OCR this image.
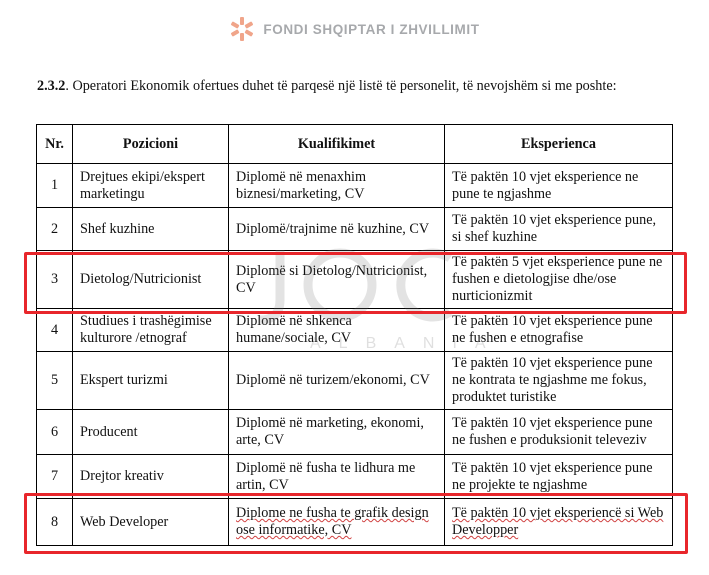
FONDI SHQIPTAR I ZHVILLIMIT
2.3.2. Operatori Ekonomik ofertues duhet të parqesë një listë të personelit, të nevojshëm si me poshte:
Nr.	Pozicioni	Kualifikimet	Eksperienca
1	Drejtues ekipi/ekspert marketingu	Diplomë në menaxhim biznesi/marketing, CV	Të paktën 10 vjet eksperience ne pune te ngjashme
2	Shef kuzhine	Diplomë/trajnime në kuzhine, CV	Të paktën 10 vjet eksperience pune, si shef kuzhine
3	Dietolog/Nutricionist	Diplomë si Dietolog/Nutricionist, CV	Të paktën 5 vjet eksperience pune ne fushen e dietologjise dhe/ose nurticionizmit
4	Studiues i trashëgimise kulturore /etnograf	Diplomë në shkenca humane/sociale, CV	Të paktën 10 vjet eksperience pune ne fushen e etnografise
5	Ekspert turizmi	Diplomë në turizem/ekonomi, CV	Të paktën 10 vjet eksperience pune ne kontrata te ngjashme me fokus, produktet turistike
6	Producent	Diplomë në marketing, ekonomi, arte, CV	Të paktën 10 vjet eksperience pune ne fushen e produksionit televeziv
7	Drejtor kreativ	Diplomë në fusha te lidhura me artin, CV	Të paktën 10 vjet eksperience pune ne projekte te ngjashme
8	Web Developer	Diplome ne fusha te grafik design ose informatike, CV	Të paktën 10 vjet eksperiencë si Web Developper
ALBANIA
